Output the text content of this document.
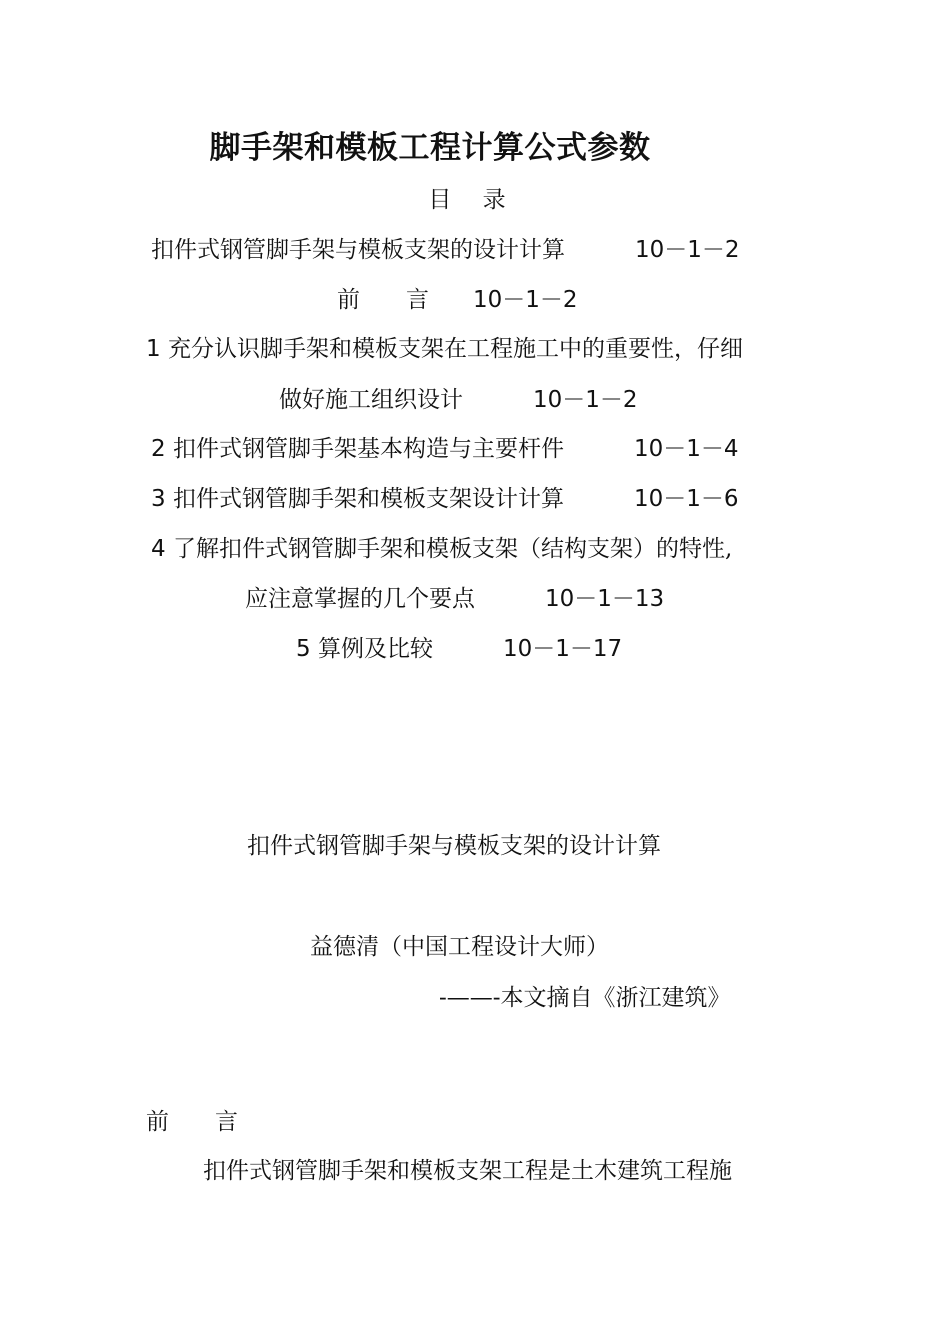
脚手架和模板工程计算公式参数
目 录
扣件式钢管脚手架与模板支架的设计计算	10－1－2
前　　言 10－1－2
1 充分认识脚手架和模板支架在工程施工中的重要性，仔细
做好施工组织设计	10－1－2
2 扣件式钢管脚手架基本构造与主要杆件	10－1－4
3 扣件式钢管脚手架和模板支架设计计算	10－1－6
4 了解扣件式钢管脚手架和模板支架（结构支架）的特性,
应注意掌握的几个要点	10－1－13
5 算例及比较	10－1－17
扣件式钢管脚手架与模板支架的设计计算
益德清（中国工程设计大师）
-——-本文摘自《浙江建筑》
前　　言
扣件式钢管脚手架和模板支架工程是土木建筑工程施
